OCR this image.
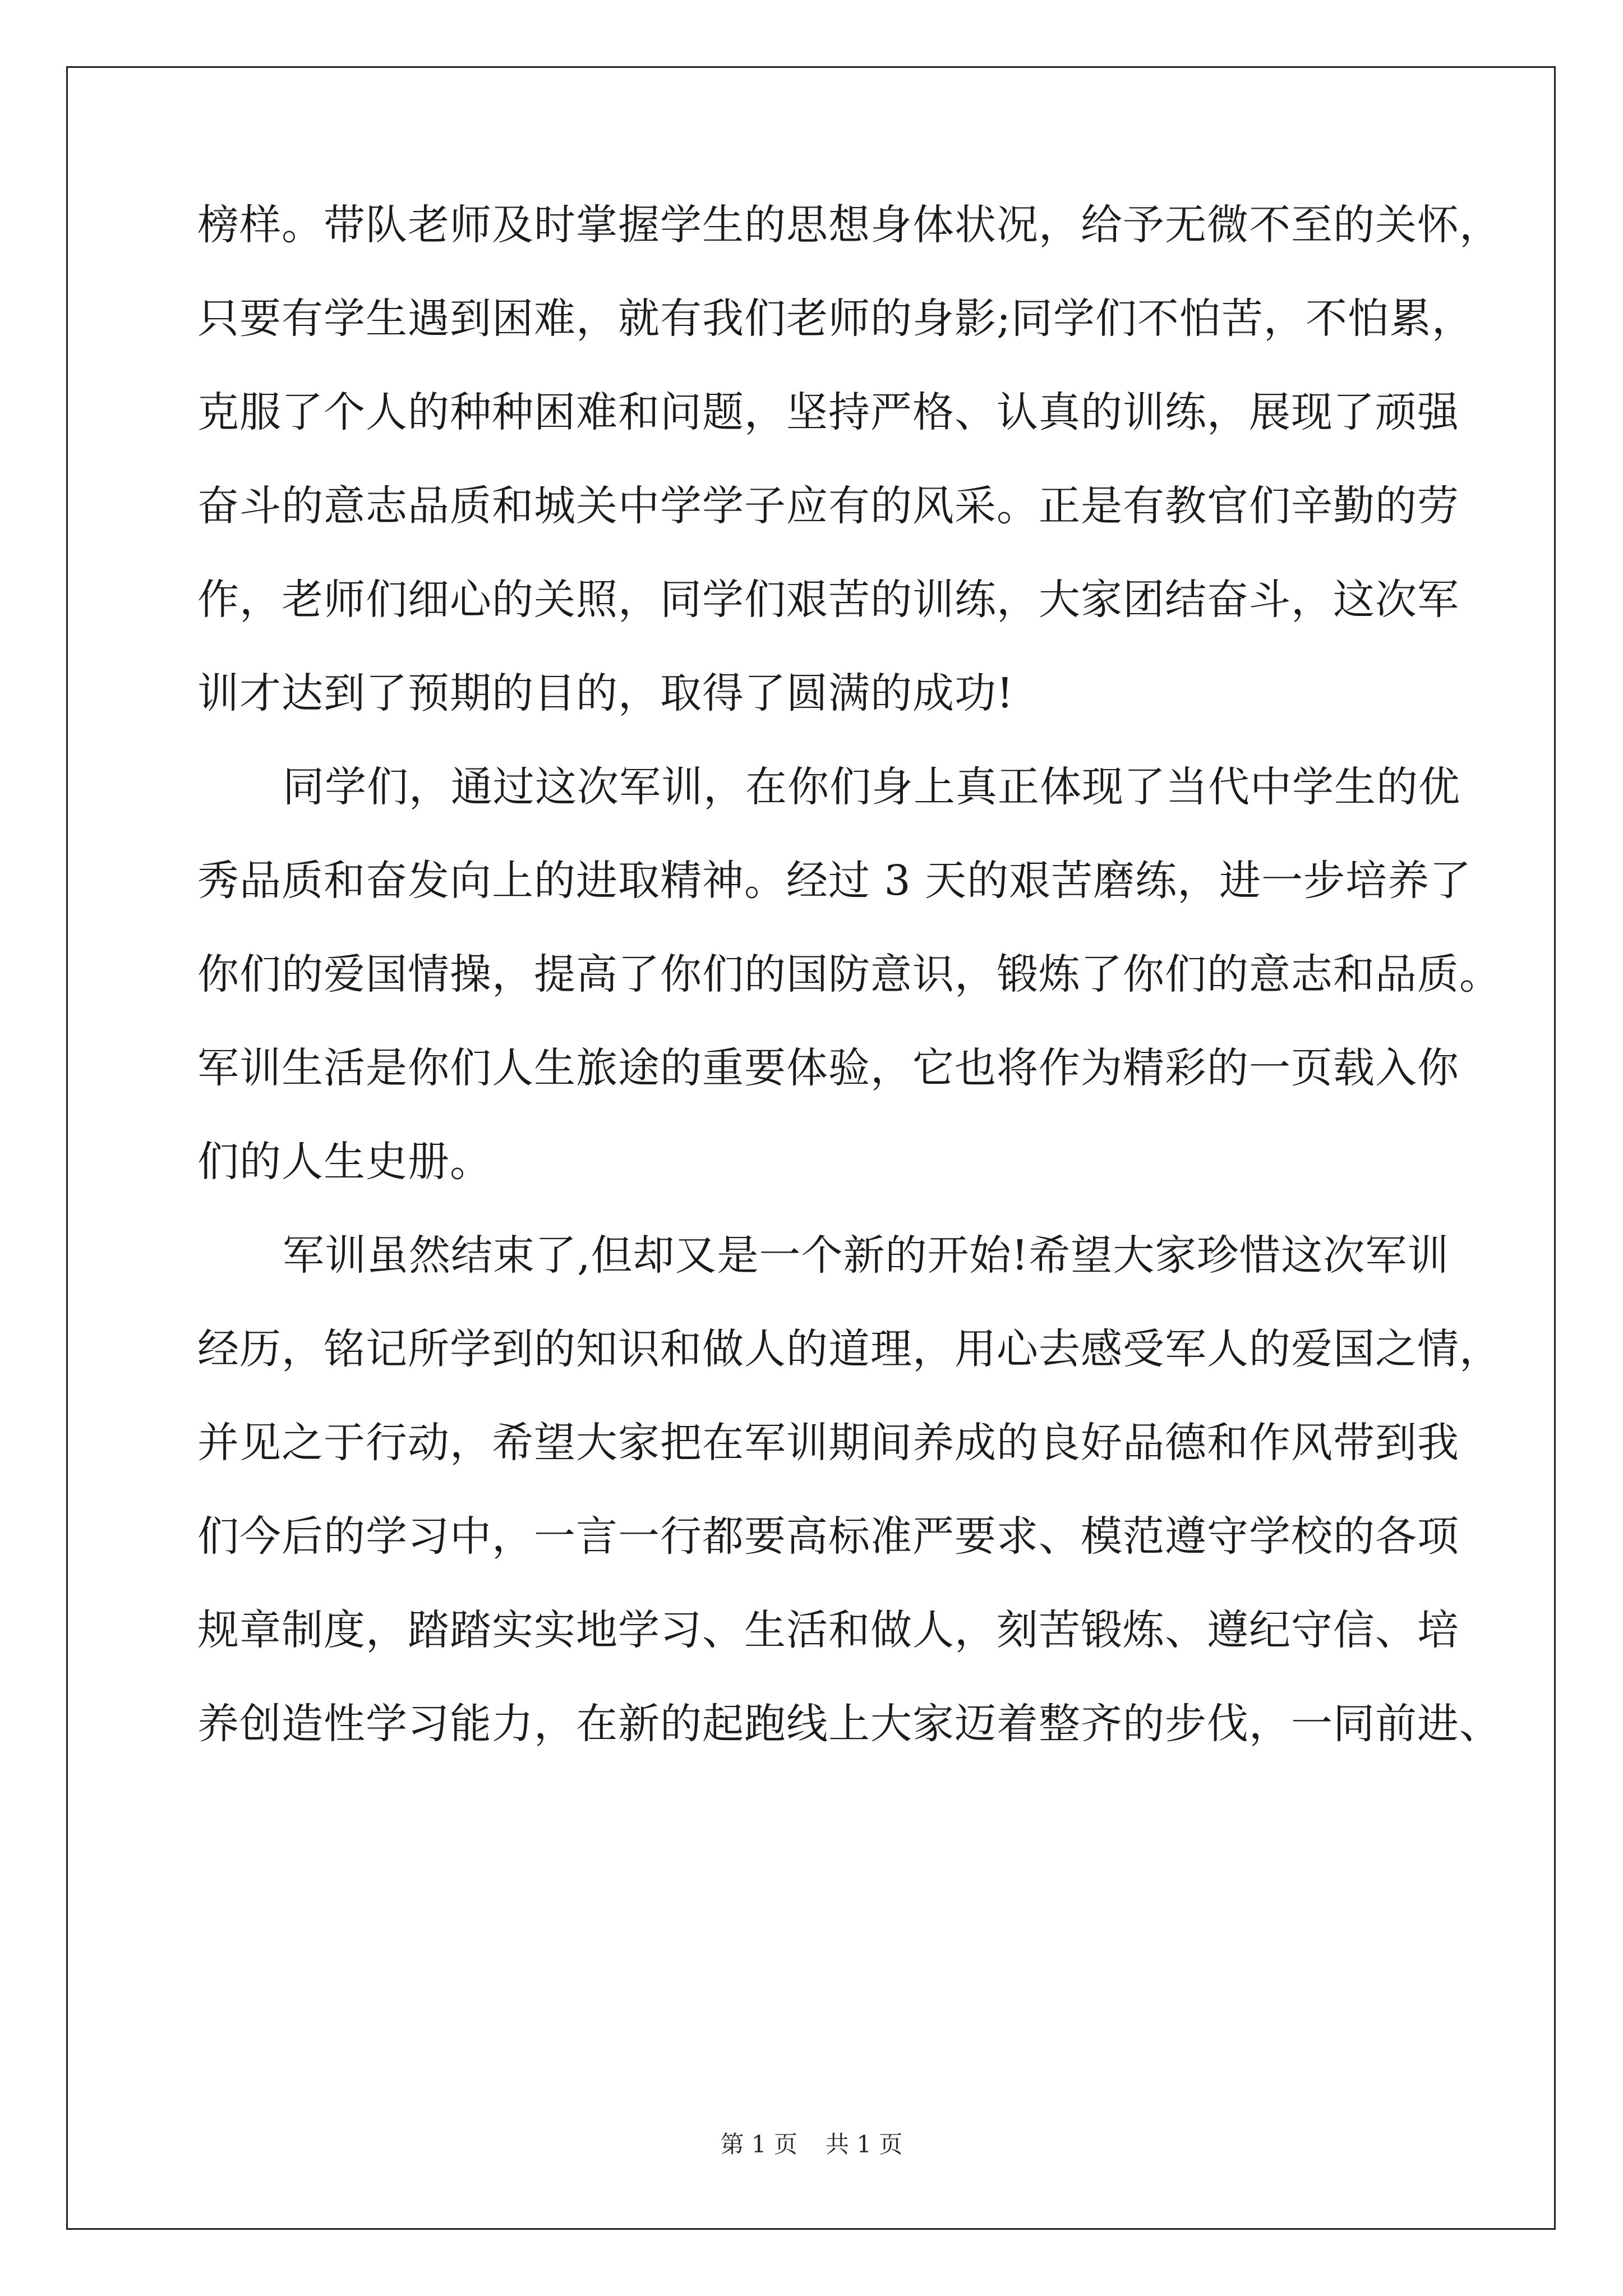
榜样。带队老师及时掌握学生的思想身体状况，给予无微不至的关怀，
只要有学生遇到困难，就有我们老师的身影;同学们不怕苦，不怕累，
克服了个人的种种困难和问题，坚持严格、认真的训练，展现了顽强
奋斗的意志品质和城关中学学子应有的风采。正是有教官们辛勤的劳
作，老师们细心的关照，同学们艰苦的训练，大家团结奋斗，这次军
训才达到了预期的目的，取得了圆满的成功!
同学们，通过这次军训，在你们身上真正体现了当代中学生的优
秀品质和奋发向上的进取精神。经过 3 天的艰苦磨练，进一步培养了
你们的爱国情操，提高了你们的国防意识，锻炼了你们的意志和品质。
军训生活是你们人生旅途的重要体验，它也将作为精彩的一页载入你
们的人生史册。
军训虽然结束了,但却又是一个新的开始!希望大家珍惜这次军训
经历，铭记所学到的知识和做人的道理，用心去感受军人的爱国之情，
并见之于行动，希望大家把在军训期间养成的良好品德和作风带到我
们今后的学习中，一言一行都要高标准严要求、模范遵守学校的各项
规章制度，踏踏实实地学习、生活和做人，刻苦锻炼、遵纪守信、培
养创造性学习能力，在新的起跑线上大家迈着整齐的步伐，一同前进、
第 1 页 共 1 页
